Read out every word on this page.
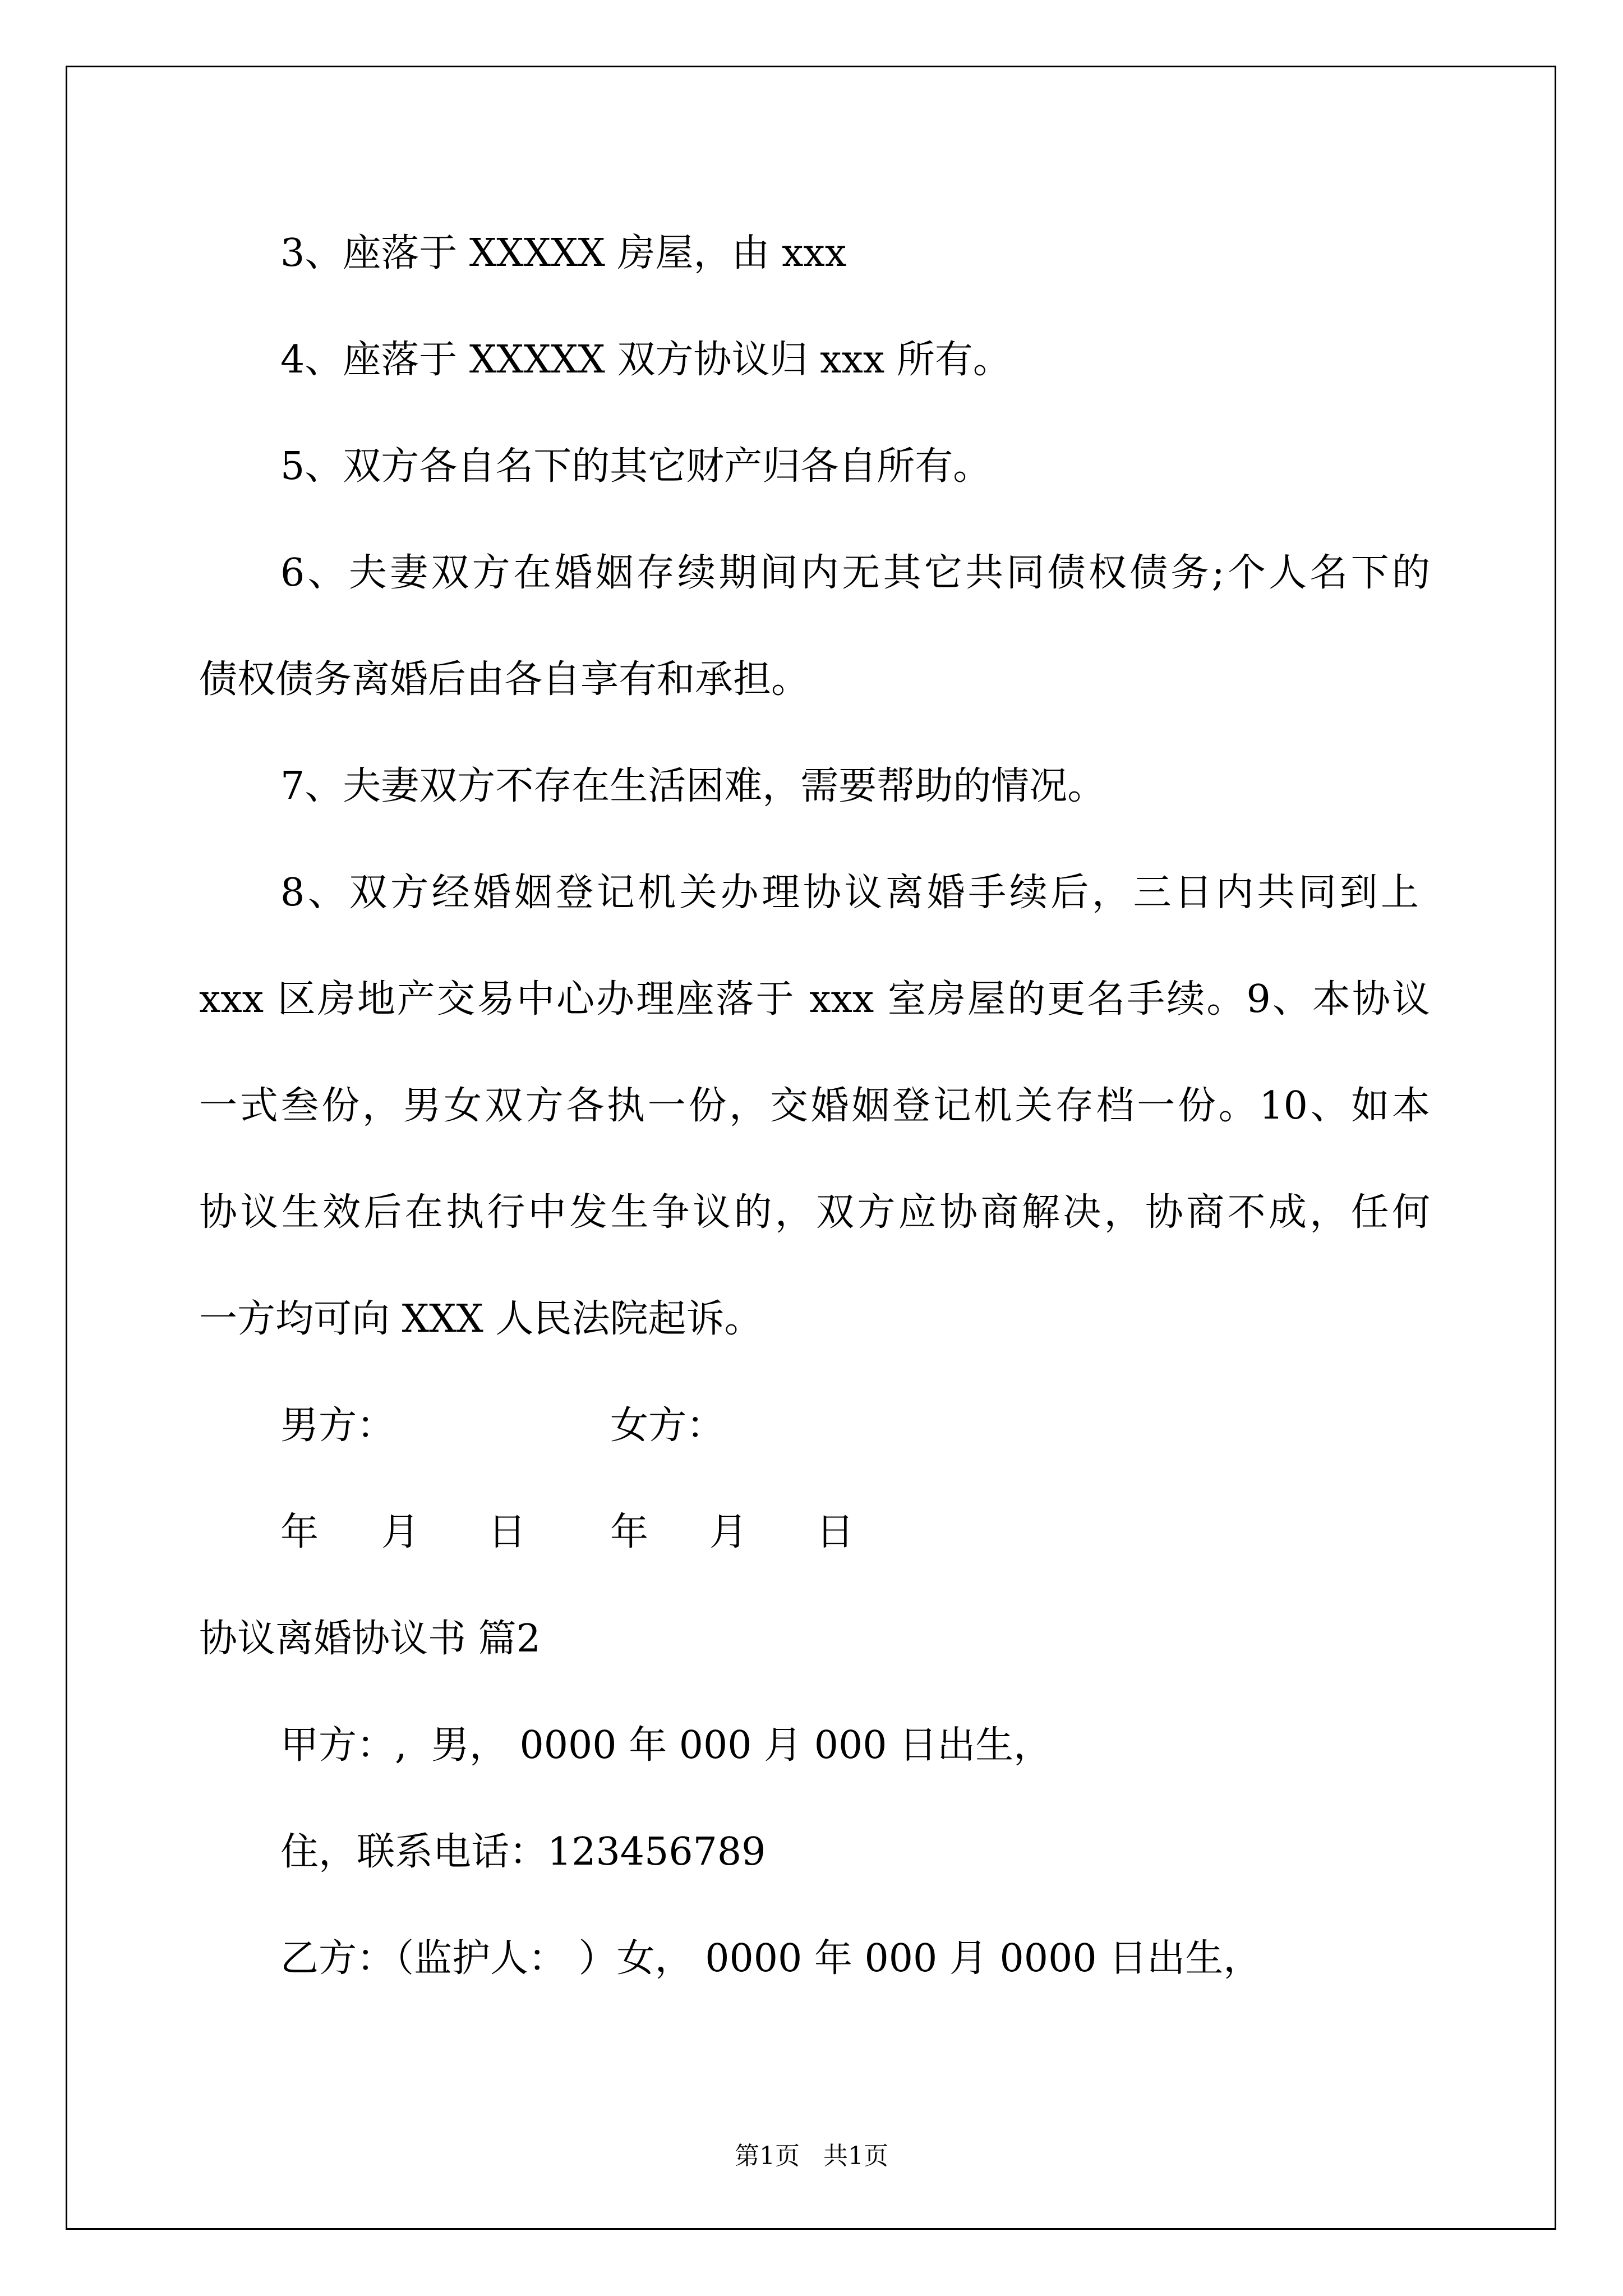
3、座落于 XXXXX 房屋，由 xxx
4、座落于 XXXXX 双方协议归 xxx 所有。
5、双方各自名下的其它财产归各自所有。
6、夫妻双方在婚姻存续期间内无其它共同债权债务;个人名下的
债权债务离婚后由各自享有和承担。
7、夫妻双方不存在生活困难，需要帮助的情况。
8、双方经婚姻登记机关办理协议离婚手续后，三日内共同到上
xxx 区房地产交易中心办理座落于 xxx 室房屋的更名手续。9、本协议
一式叁份，男女双方各执一份，交婚姻登记机关存档一份。10、如本
协议生效后在执行中发生争议的，双方应协商解决，协商不成，任何
一方均可向 XXX 人民法院起诉。
男方：	女方：
年 月 日 年 月 日
协议离婚协议书 篇2
甲方：,  男， 0000 年 000 月 000 日出生，
住，联系电话：123456789
乙方：（监护人： ）女， 0000 年 000 月 0000 日出生，
第1页   共1页
